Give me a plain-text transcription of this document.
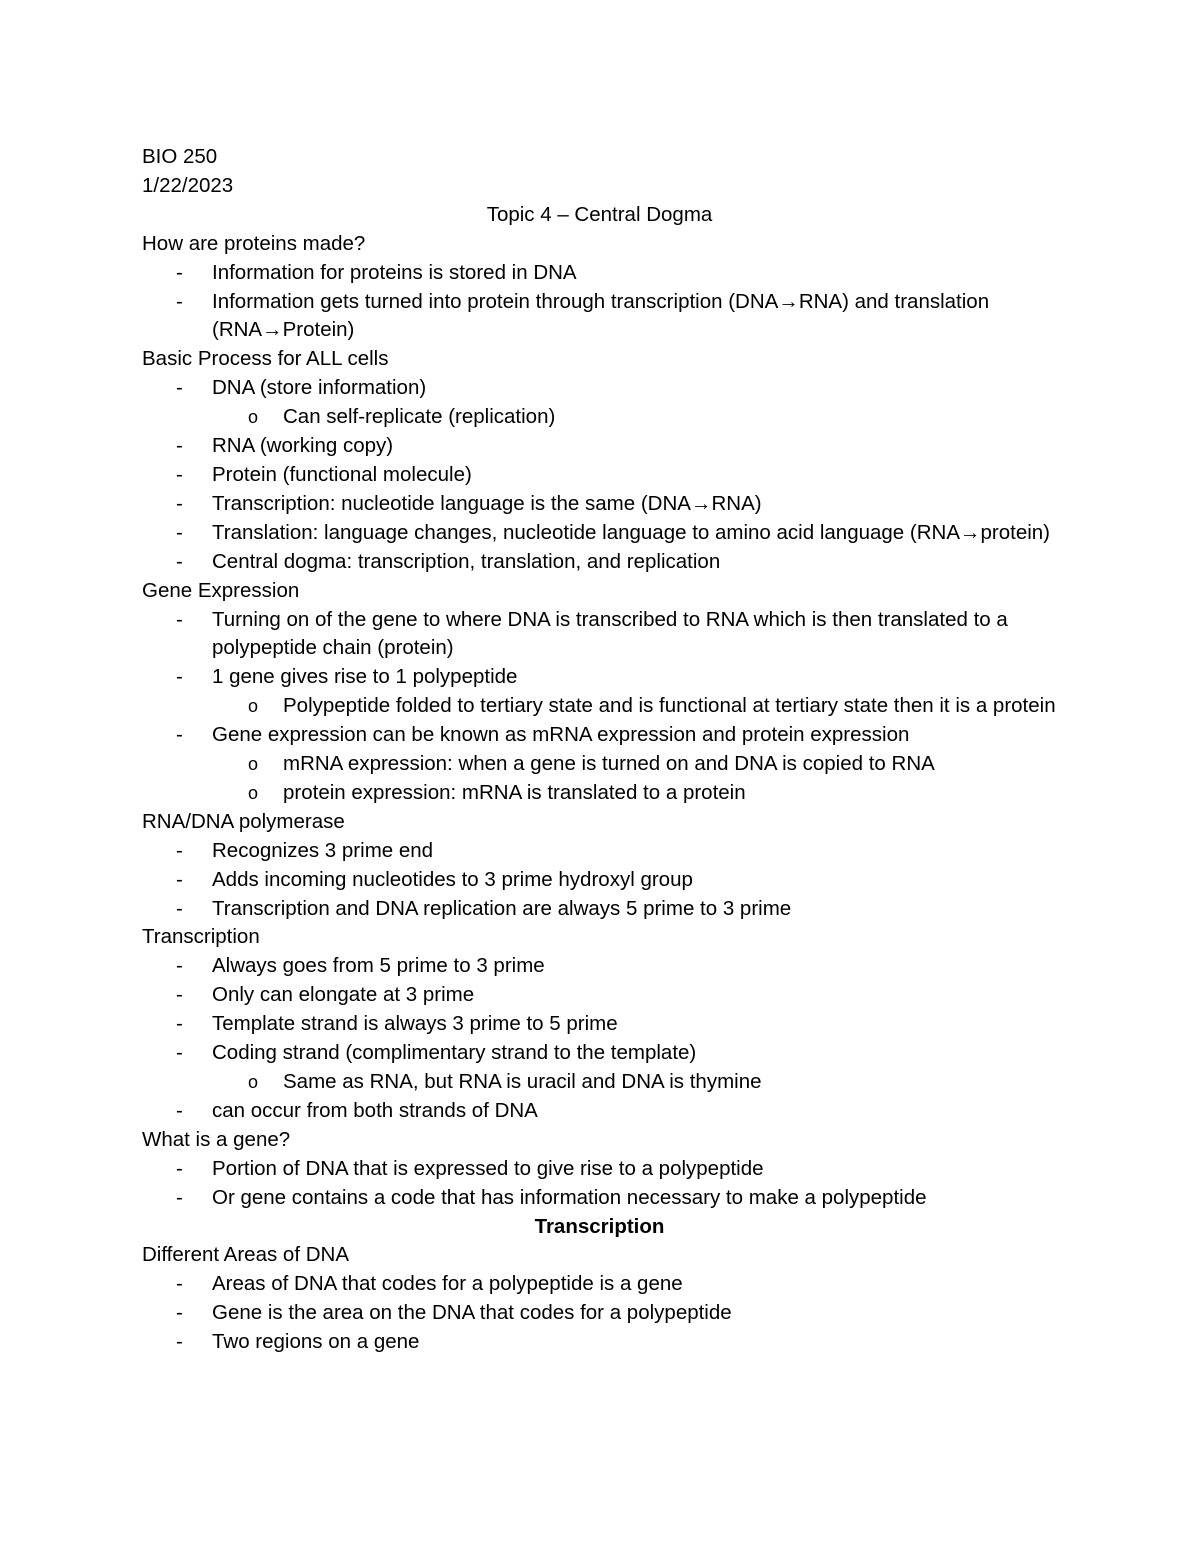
BIO 250
1/22/2023
Topic 4 – Central Dogma
How are proteins made?
- Information for proteins is stored in DNA
- Information gets turned into protein through transcription (DNA→RNA) and translation (RNA→Protein)
Basic Process for ALL cells
- DNA (store information)
o Can self-replicate (replication)
- RNA (working copy)
- Protein (functional molecule)
- Transcription: nucleotide language is the same (DNA→RNA)
- Translation: language changes, nucleotide language to amino acid language (RNA→protein)
- Central dogma: transcription, translation, and replication
Gene Expression
- Turning on of the gene to where DNA is transcribed to RNA which is then translated to a polypeptide chain (protein)
- 1 gene gives rise to 1 polypeptide
o Polypeptide folded to tertiary state and is functional at tertiary state then it is a protein
- Gene expression can be known as mRNA expression and protein expression
o mRNA expression: when a gene is turned on and DNA is copied to RNA
o protein expression: mRNA is translated to a protein
RNA/DNA polymerase
- Recognizes 3 prime end
- Adds incoming nucleotides to 3 prime hydroxyl group
- Transcription and DNA replication are always 5 prime to 3 prime
Transcription
- Always goes from 5 prime to 3 prime
- Only can elongate at 3 prime
- Template strand is always 3 prime to 5 prime
- Coding strand (complimentary strand to the template)
o Same as RNA, but RNA is uracil and DNA is thymine
- can occur from both strands of DNA
What is a gene?
- Portion of DNA that is expressed to give rise to a polypeptide
- Or gene contains a code that has information necessary to make a polypeptide
Transcription
Different Areas of DNA
- Areas of DNA that codes for a polypeptide is a gene
- Gene is the area on the DNA that codes for a polypeptide
- Two regions on a gene
